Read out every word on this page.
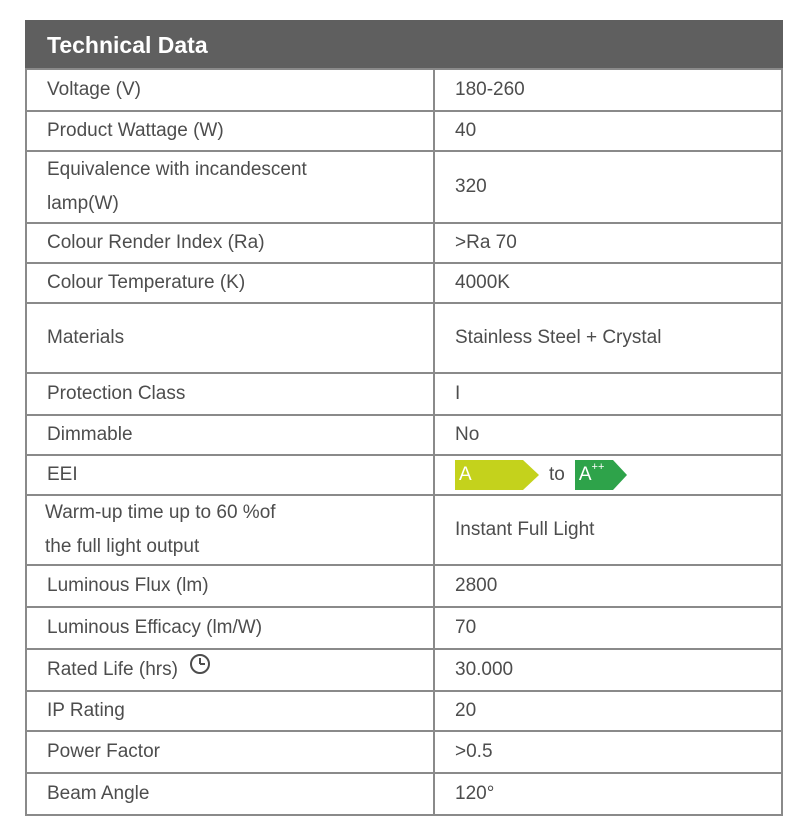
Technical Data
Voltage (V)	180-260
Product Wattage (W)	40

Equivalence with incandescent
lamp(W)	320
Colour Render Index (Ra)	>Ra 70
Colour Temperature (K)	4000K
Materials	Stainless Steel + Crystal
Protection Class	I
Dimmable	No
EEI	A to A++

Warm-up time up to 60 %of
the full light output	Instant Full Light
Luminous Flux (lm)	2800
Luminous Efficacy (lm/W)	70
Rated Life (hrs)	30.000
IP Rating	20
Power Factor	>0.5
Beam Angle	120°
